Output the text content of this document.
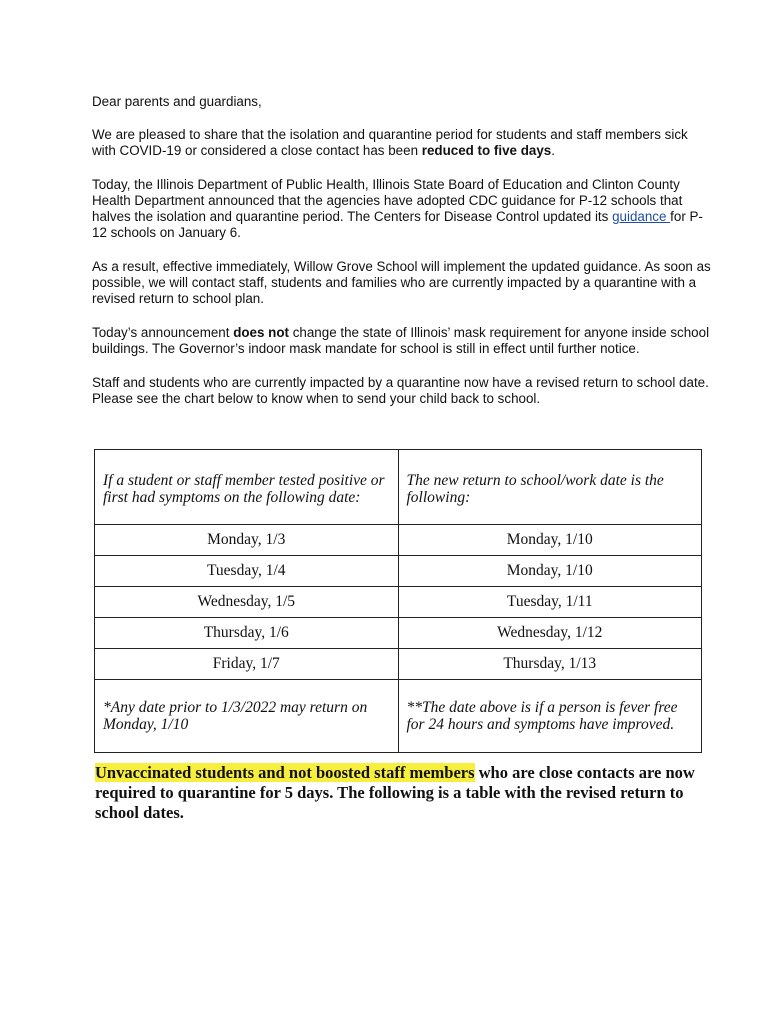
Dear parents and guardians,

We are pleased to share that the isolation and quarantine period for students and staff members sick with COVID-19 or considered a close contact has been reduced to five days.

Today, the Illinois Department of Public Health, Illinois State Board of Education and Clinton County Health Department announced that the agencies have adopted CDC guidance for P-12 schools that halves the isolation and quarantine period. The Centers for Disease Control updated its guidance for P-12 schools on January 6.

As a result, effective immediately, Willow Grove School will implement the updated guidance. As soon as possible, we will contact staff, students and families who are currently impacted by a quarantine with a revised return to school plan.

Today’s announcement does not change the state of Illinois’ mask requirement for anyone inside school buildings. The Governor’s indoor mask mandate for school is still in effect until further notice.

Staff and students who are currently impacted by a quarantine now have a revised return to school date. Please see the chart below to know when to send your child back to school.

If a student or staff member tested positive or first had symptoms on the following date:	The new return to school/work date is the following:
Monday, 1/3	Monday, 1/10
Tuesday, 1/4	Monday, 1/10
Wednesday, 1/5	Tuesday, 1/11
Thursday, 1/6	Wednesday, 1/12
Friday, 1/7	Thursday, 1/13
*Any date prior to 1/3/2022 may return on Monday, 1/10	**The date above is if a person is fever free for 24 hours and symptoms have improved.
Unvaccinated students and not boosted staff members who are close contacts are now required to quarantine for 5 days. The following is a table with the revised return to school dates.
